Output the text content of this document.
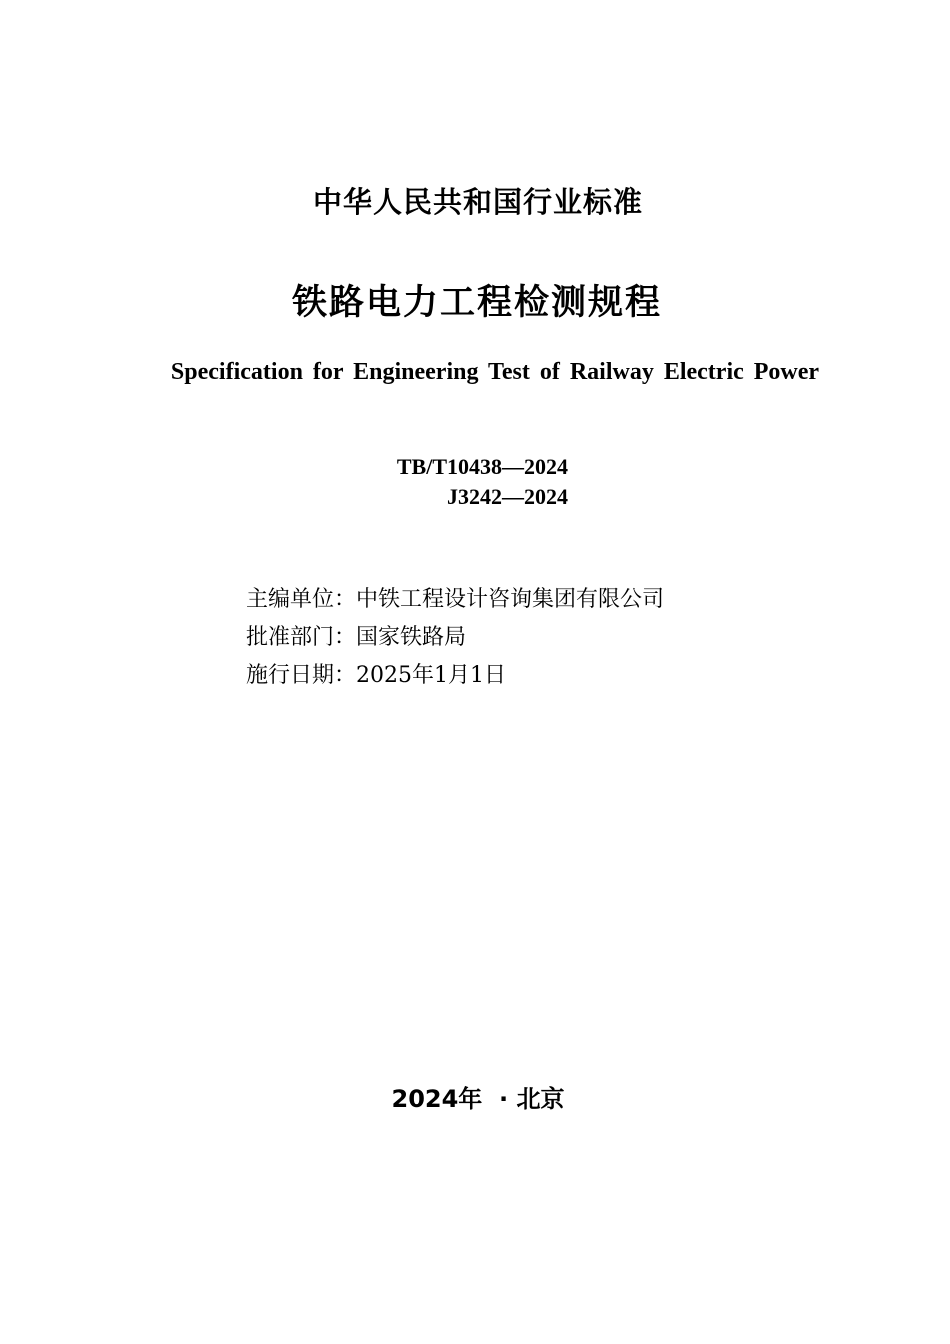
中华人民共和国行业标准
铁路电力工程检测规程
Specification for Engineering Test of Railway Electric Power
TB/T10438—2024
J3242—2024
主编单位：中铁工程设计咨询集团有限公司
批准部门：国家铁路局
施行日期：2025年1月1日
2024年  · 北京
